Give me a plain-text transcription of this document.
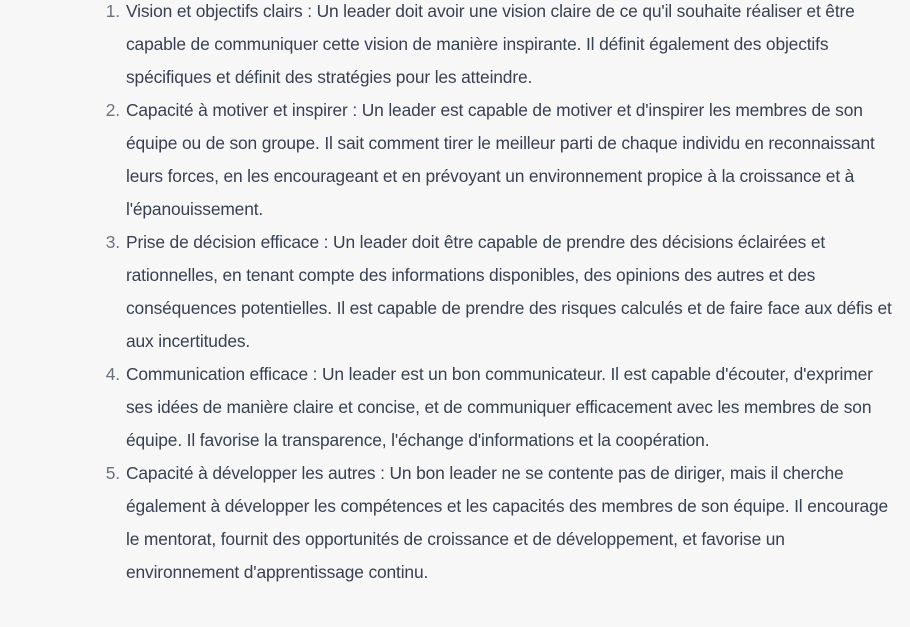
1. Vision et objectifs clairs : Un leader doit avoir une vision claire de ce qu'il souhaite réaliser et être capable de communiquer cette vision de manière inspirante. Il définit également des objectifs spécifiques et définit des stratégies pour les atteindre.
2. Capacité à motiver et inspirer : Un leader est capable de motiver et d'inspirer les membres de son équipe ou de son groupe. Il sait comment tirer le meilleur parti de chaque individu en reconnaissant leurs forces, en les encourageant et en prévoyant un environnement propice à la croissance et à l'épanouissement.
3. Prise de décision efficace : Un leader doit être capable de prendre des décisions éclairées et rationnelles, en tenant compte des informations disponibles, des opinions des autres et des conséquences potentielles. Il est capable de prendre des risques calculés et de faire face aux défis et aux incertitudes.
4. Communication efficace : Un leader est un bon communicateur. Il est capable d'écouter, d'exprimer ses idées de manière claire et concise, et de communiquer efficacement avec les membres de son équipe. Il favorise la transparence, l'échange d'informations et la coopération.
5. Capacité à développer les autres : Un bon leader ne se contente pas de diriger, mais il cherche également à développer les compétences et les capacités des membres de son équipe. Il encourage le mentorat, fournit des opportunités de croissance et de développement, et favorise un environnement d'apprentissage continu.
